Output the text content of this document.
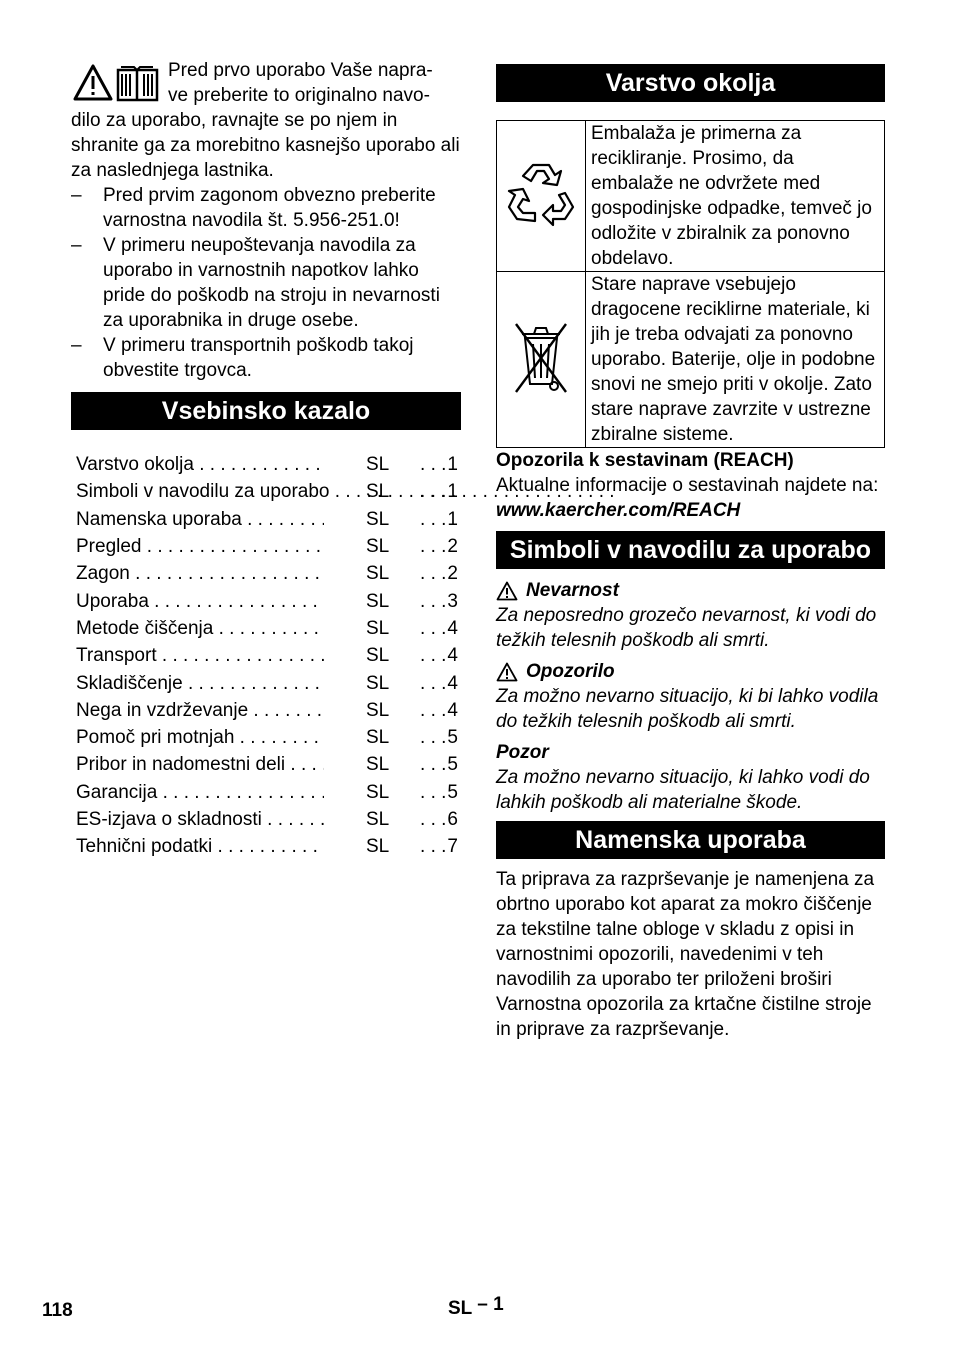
Pred prvo uporabo Vaše napra-
ve preberite to originalno navo-
dilo za uporabo, ravnajte se po njem in shranite ga za morebitno kasnejšo uporabo ali za naslednjega lastnika.

– Pred prvim zagonom obvezno preberite varnostna navodila št. 5.956-251.0!
– V primeru neupoštevanja navodila za uporabo in varnostnih napotkov lahko pride do poškodb na stroju in nevarnosti za uporabnika in druge osebe.
– V primeru transportnih poškodb takoj obvestite trgovca.
Vsebinsko kazalo
Varstvo okolja . . .	SL	. . . 1
Simboli v navodilu za uporabo . . .	SL	. . . 1
Namenska uporaba . . .	SL	. . . 1
Pregled . . .	SL	. . . 2
Zagon . . .	SL	. . . 2
Uporaba . . .	SL	. . . 3
Metode čiščenja . . .	SL	. . . 4
Transport . . .	SL	. . . 4
Skladiščenje . . .	SL	. . . 4
Nega in vzdrževanje . . .	SL	. . . 4
Pomoč pri motnjah . . .	SL	. . . 5
Pribor in nadomestni deli . . .	SL	. . . 5
Garancija . . .	SL	. . . 5
ES-izjava o skladnosti . . .	SL	. . . 6
Tehnični podatki . . .	SL	. . . 7
Varstvo okolja
	Embalaža je primerna za recikliranje. Prosimo, da embalaže ne odvržete med gospodinjske odpadke, temveč jo odložite v zbiralnik za ponovno obdelavo.
	Stare naprave vsebujejo dragocene reciklirne materiale, ki jih je treba odvajati za ponovno uporabo. Baterije, olje in podobne snovi ne smejo priti v okolje. Zato stare naprave zavrzite v ustrezne zbiralne sisteme.
Opozorila k sestavinam (REACH)
Aktualne informacije o sestavinah najdete na:
www.kaercher.com/REACH
Simboli v navodilu za uporabo
Nevarnost
Za neposredno grozečo nevarnost, ki vodi do težkih telesnih poškodb ali smrti.
Opozorilo
Za možno nevarno situacijo, ki bi lahko vodila do težkih telesnih poškodb ali smrti.
Pozor
Za možno nevarno situacijo, ki lahko vodi do lahkih poškodb ali materialne škode.
Namenska uporaba
Ta priprava za razprševanje je namenjena za obrtno uporabo kot aparat za mokro čiščenje za tekstilne talne obloge v skladu z opisi in varnostnimi opozorili, navedenimi v teh navodilih za uporabo ter priloženi broširi Varnostna opozorila za krtačne čistilne stroje in priprave za razprševanje.
118	SL – 1
